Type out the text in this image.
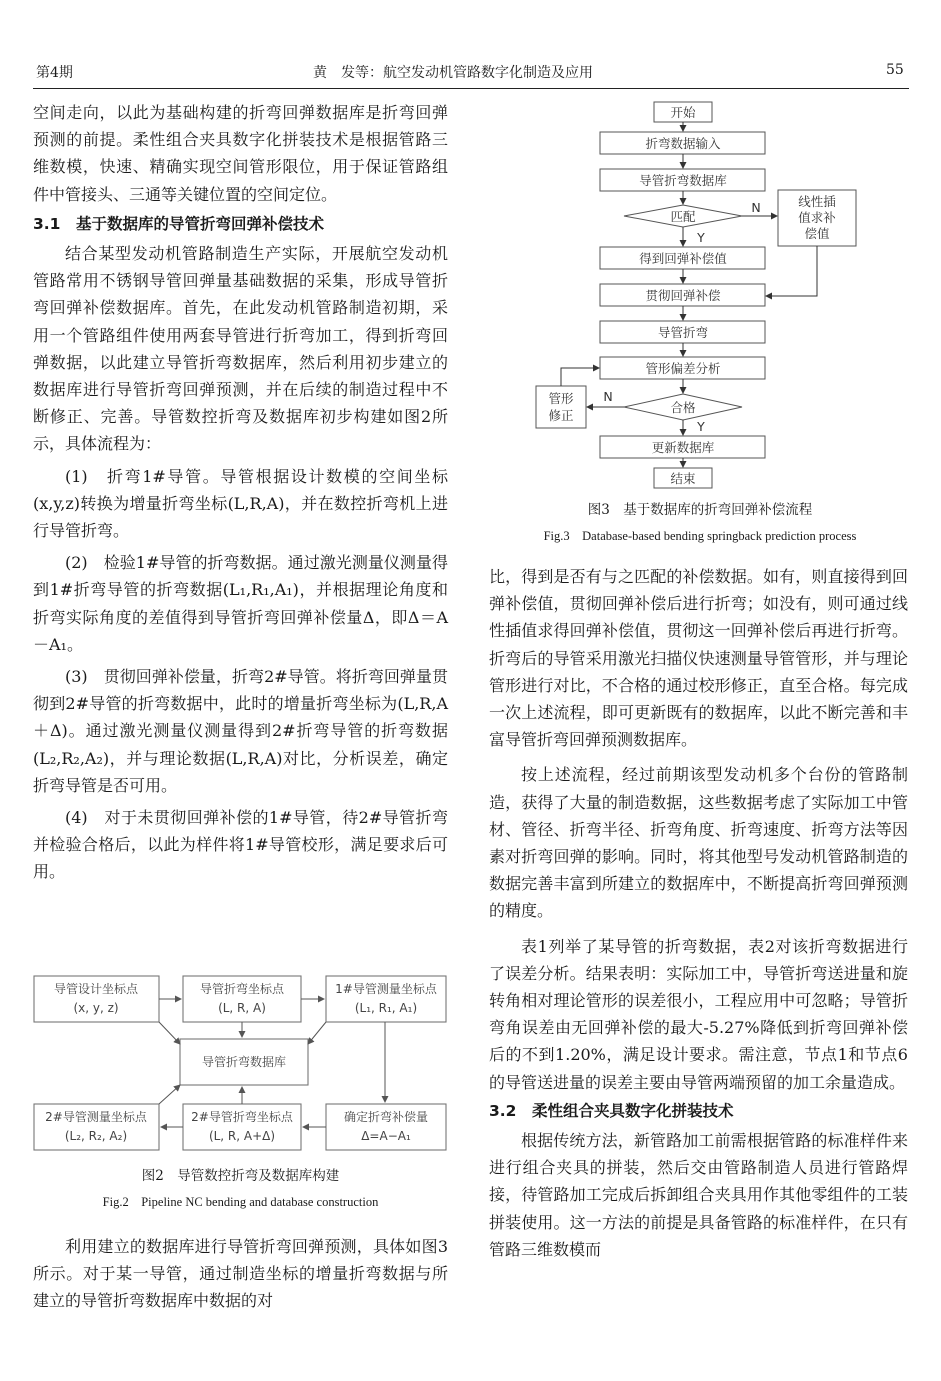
第4期	黄　发等：航空发动机管路数字化制造及应用	55

空间走向，以此为基础构建的折弯回弹数据库是折弯回弹预测的前提。柔性组合夹具数字化拼装技术是根据管路三维数模，快速、精确实现空间管形限位，用于保证管路组件中管接头、三通等关键位置的空间定位。

3.1　基于数据库的导管折弯回弹补偿技术

结合某型发动机管路制造生产实际，开展航空发动机管路常用不锈钢导管回弹量基础数据的采集，形成导管折弯回弹补偿数据库。首先，在此发动机管路制造初期，采用一个管路组件使用两套导管进行折弯加工，得到折弯回弹数据，以此建立导管折弯数据库，然后利用初步建立的数据库进行导管折弯回弹预测，并在后续的制造过程中不断修正、完善。导管数控折弯及数据库初步构建如图2所示，具体流程为：

(1)　折弯1#导管。导管根据设计数模的空间坐标(x,y,z)转换为增量折弯坐标(L,R,A)，并在数控折弯机上进行导管折弯。

(2)　检验1#导管的折弯数据。通过激光测量仪测量得到1#折弯导管的折弯数据(L₁,R₁,A₁)，并根据理论角度和折弯实际角度的差值得到导管折弯回弹补偿量Δ，即Δ＝A－A₁。

(3)　贯彻回弹补偿量，折弯2#导管。将折弯回弹量贯彻到2#导管的折弯数据中，此时的增量折弯坐标为(L,R,A＋Δ)。通过激光测量仪测量得到2#折弯导管的折弯数据(L₂,R₂,A₂)，并与理论数据(L,R,A)对比，分析误差，确定折弯导管是否可用。

(4)　对于未贯彻回弹补偿的1#导管，待2#导管折弯并检验合格后，以此为样件将1#导管校形，满足要求后可用。

导管设计坐标点
(x, y, z)
导管折弯坐标点
(L, R, A)
1#导管测量坐标点
(L₁, R₁, A₁)
导管折弯数据库
2#导管测量坐标点
(L₂, R₂, A₂)
2#导管折弯坐标点
(L, R, A+Δ)
确定折弯补偿量
Δ=A−A₁
图2　导管数控折弯及数据库构建
Fig.2　Pipeline NC bending and database construction

利用建立的数据库进行导管折弯回弹预测，具体如图3所示。对于某一导管，通过制造坐标的增量折弯数据与所建立的导管折弯数据库中数据的对

开始
折弯数据输入
导管折弯数据库
匹配
线性插
值求补
偿值
得到回弹补偿值
贯彻回弹补偿
导管折弯
管形偏差分析
合格
管形
修正
更新数据库
结束
N
Y
N
Y
图3　基于数据库的折弯回弹补偿流程
Fig.3　Database-based bending springback prediction process

比，得到是否有与之匹配的补偿数据。如有，则直接得到回弹补偿值，贯彻回弹补偿后进行折弯；如没有，则可通过线性插值求得回弹补偿值，贯彻这一回弹补偿后再进行折弯。折弯后的导管采用激光扫描仪快速测量导管管形，并与理论管形进行对比，不合格的通过校形修正，直至合格。每完成一次上述流程，即可更新既有的数据库，以此不断完善和丰富导管折弯回弹预测数据库。

按上述流程，经过前期该型发动机多个台份的管路制造，获得了大量的制造数据，这些数据考虑了实际加工中管材、管径、折弯半径、折弯角度、折弯速度、折弯方法等因素对折弯回弹的影响。同时，将其他型号发动机管路制造的数据完善丰富到所建立的数据库中，不断提高折弯回弹预测的精度。

表1列举了某导管的折弯数据，表2对该折弯数据进行了误差分析。结果表明：实际加工中，导管折弯送进量和旋转角相对理论管形的误差很小，工程应用中可忽略；导管折弯角误差由无回弹补偿的最大-5.27%降低到折弯回弹补偿后的不到1.20%，满足设计要求。需注意，节点1和节点6的导管送进量的误差主要由导管两端预留的加工余量造成。

3.2　柔性组合夹具数字化拼装技术

根据传统方法，新管路加工前需根据管路的标准样件来进行组合夹具的拼装，然后交由管路制造人员进行管路焊接，待管路加工完成后拆卸组合夹具用作其他零组件的工装拼装使用。这一方法的前提是具备管路的标准样件，在只有管路三维数模而
